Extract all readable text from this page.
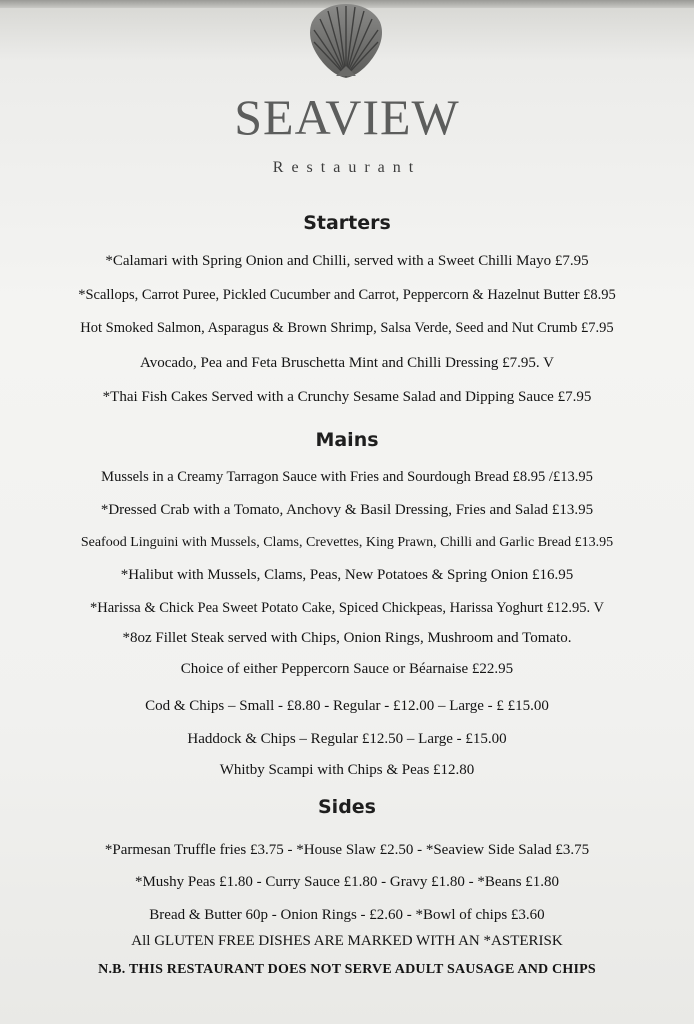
SEAVIEW
Restaurant
Starters
*Calamari with Spring Onion and Chilli, served with a Sweet Chilli Mayo £7.95
*Scallops, Carrot Puree, Pickled Cucumber and Carrot, Peppercorn & Hazelnut Butter £8.95
Hot Smoked Salmon, Asparagus & Brown Shrimp, Salsa Verde, Seed and Nut Crumb £7.95
Avocado, Pea and Feta Bruschetta Mint and Chilli Dressing £7.95. V
*Thai Fish Cakes Served with a Crunchy Sesame Salad and Dipping Sauce £7.95
Mains
Mussels in a Creamy Tarragon Sauce with Fries and Sourdough Bread £8.95 /£13.95
*Dressed Crab with a Tomato, Anchovy & Basil Dressing, Fries and Salad £13.95
Seafood Linguini with Mussels, Clams, Crevettes, King Prawn, Chilli and Garlic Bread £13.95
*Halibut with Mussels, Clams, Peas, New Potatoes & Spring Onion £16.95
*Harissa & Chick Pea Sweet Potato Cake, Spiced Chickpeas, Harissa Yoghurt £12.95. V
*8oz Fillet Steak served with Chips, Onion Rings, Mushroom and Tomato.
Choice of either Peppercorn Sauce or Béarnaise £22.95
Cod & Chips – Small - £8.80 - Regular - £12.00 – Large - £ £15.00
Haddock & Chips – Regular £12.50 – Large - £15.00
Whitby Scampi with Chips & Peas £12.80
Sides
*Parmesan Truffle fries £3.75 - *House Slaw £2.50 - *Seaview Side Salad £3.75
*Mushy Peas £1.80 - Curry Sauce £1.80 - Gravy £1.80 - *Beans £1.80
Bread & Butter 60p - Onion Rings - £2.60 - *Bowl of chips £3.60
All GLUTEN FREE DISHES ARE MARKED WITH AN *ASTERISK
N.B. THIS RESTAURANT DOES NOT SERVE ADULT SAUSAGE AND CHIPS
